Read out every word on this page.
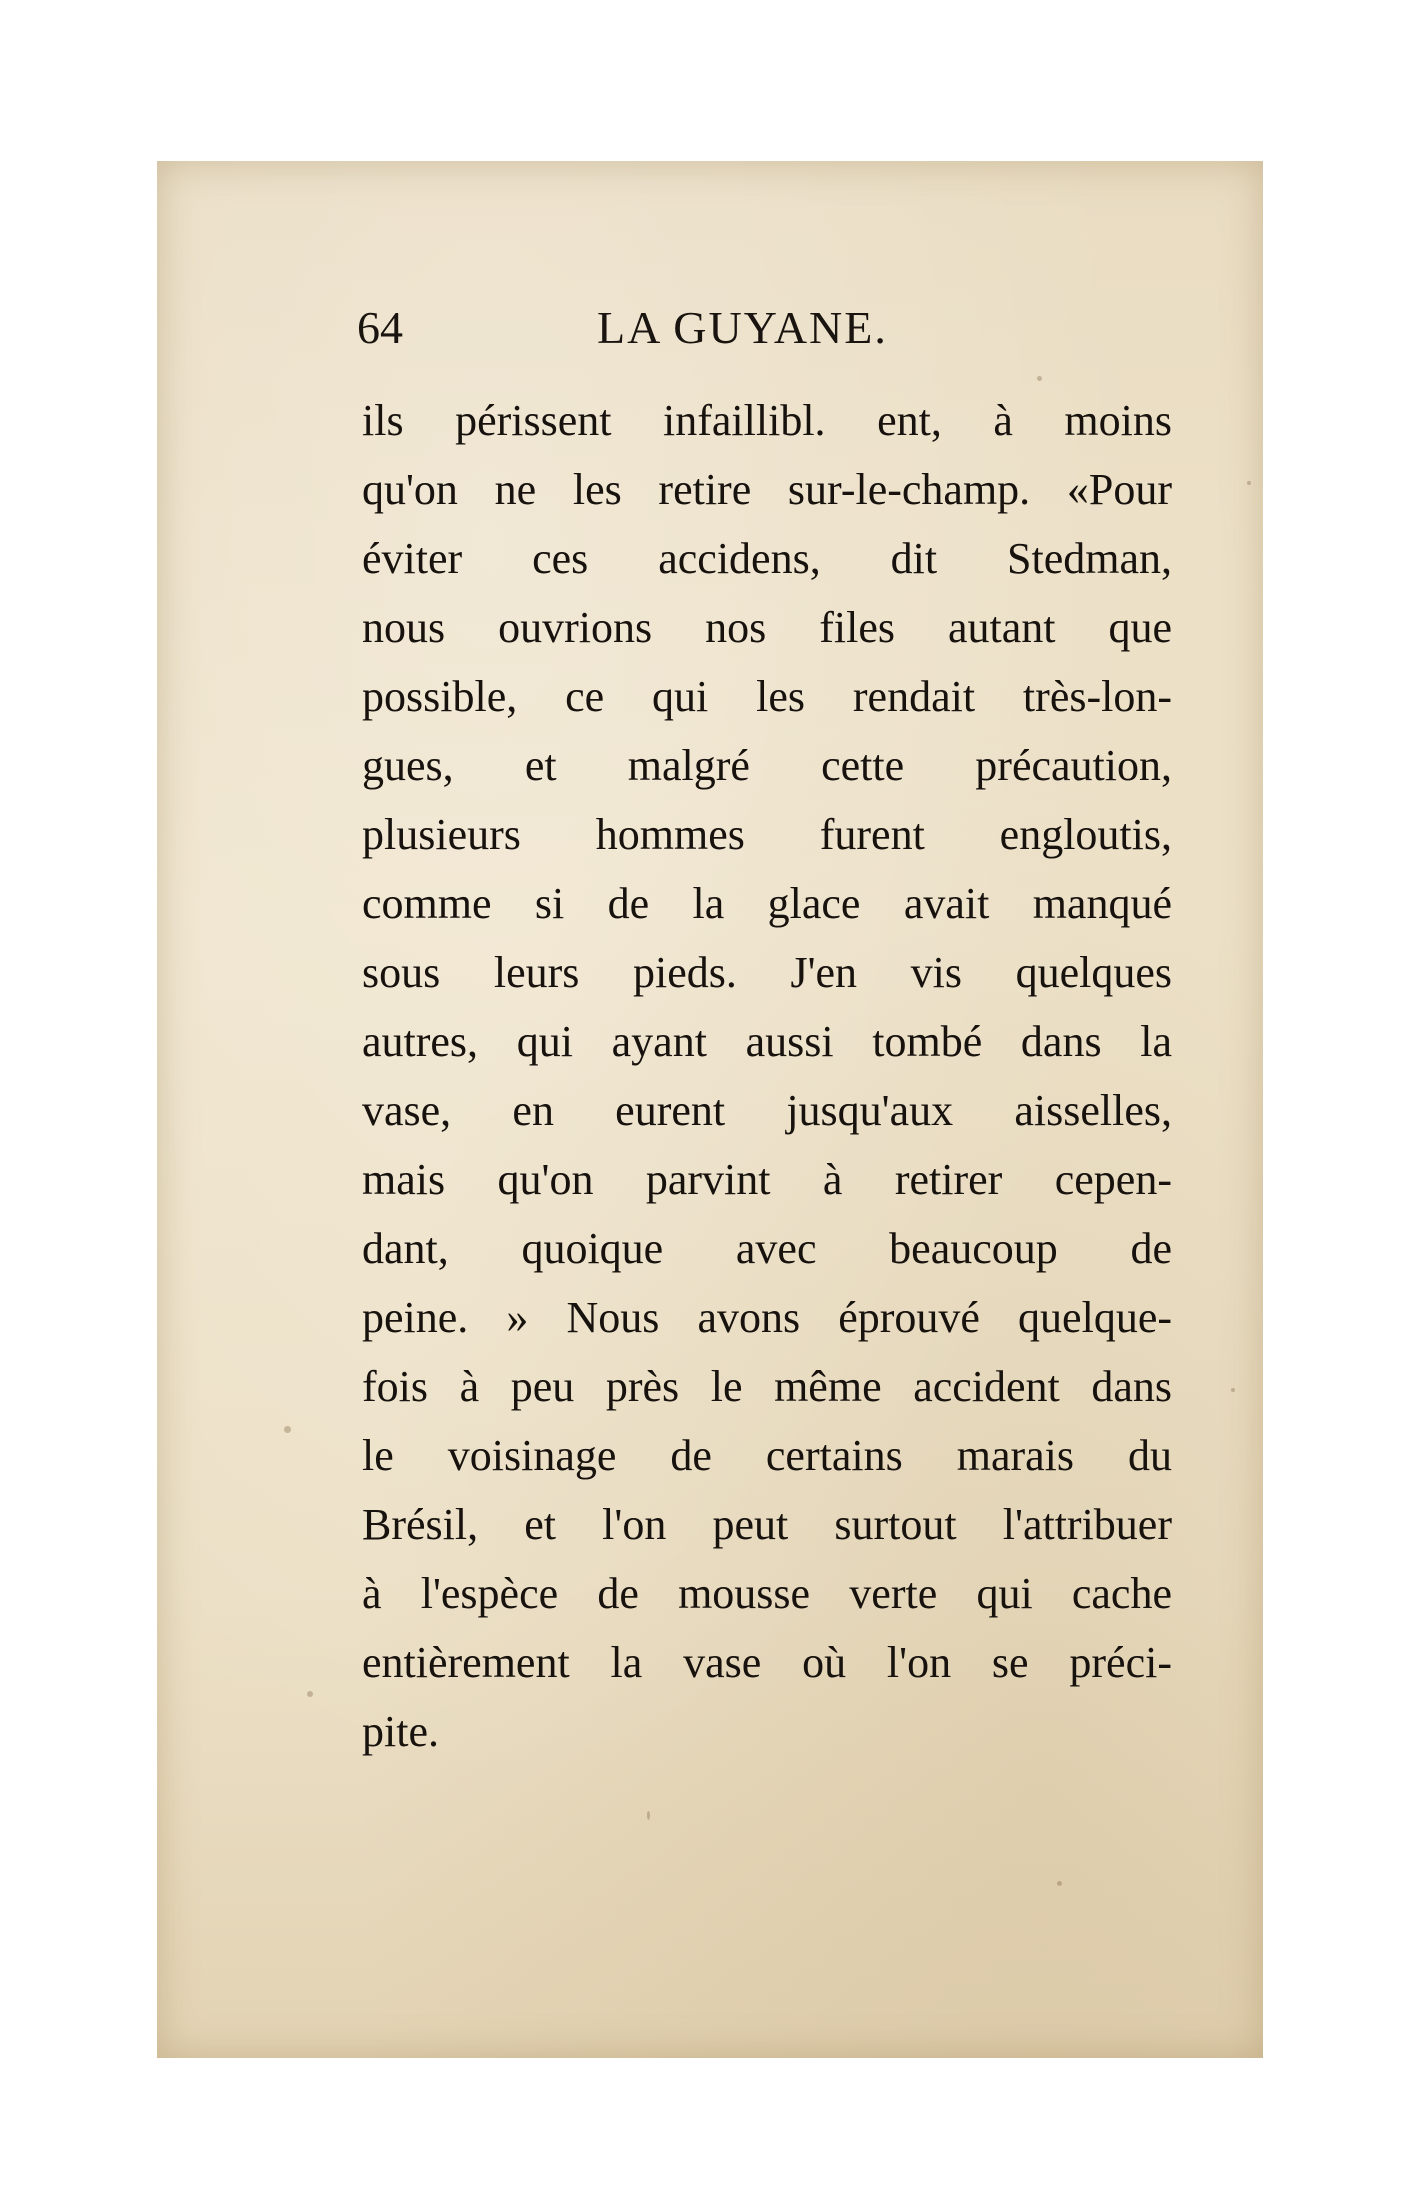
64	LA GUYANE.
ils périssent infaillibl. ent, à moins
qu'on ne les retire sur-le-champ. «Pour
éviter ces accidens, dit Stedman,
nous ouvrions nos files autant que
possible, ce qui les rendait très-lon-
gues, et malgré cette précaution,
plusieurs hommes furent engloutis,
comme si de la glace avait manqué
sous leurs pieds. J'en vis quelques
autres, qui ayant aussi tombé dans la
vase, en eurent jusqu'aux aisselles,
mais qu'on parvint à retirer cepen-
dant, quoique avec beaucoup de
peine. » Nous avons éprouvé quelque-
fois à peu près le même accident dans
le voisinage de certains marais du
Brésil, et l'on peut surtout l'attribuer
à l'espèce de mousse verte qui cache
entièrement la vase où l'on se préci-
pite.
